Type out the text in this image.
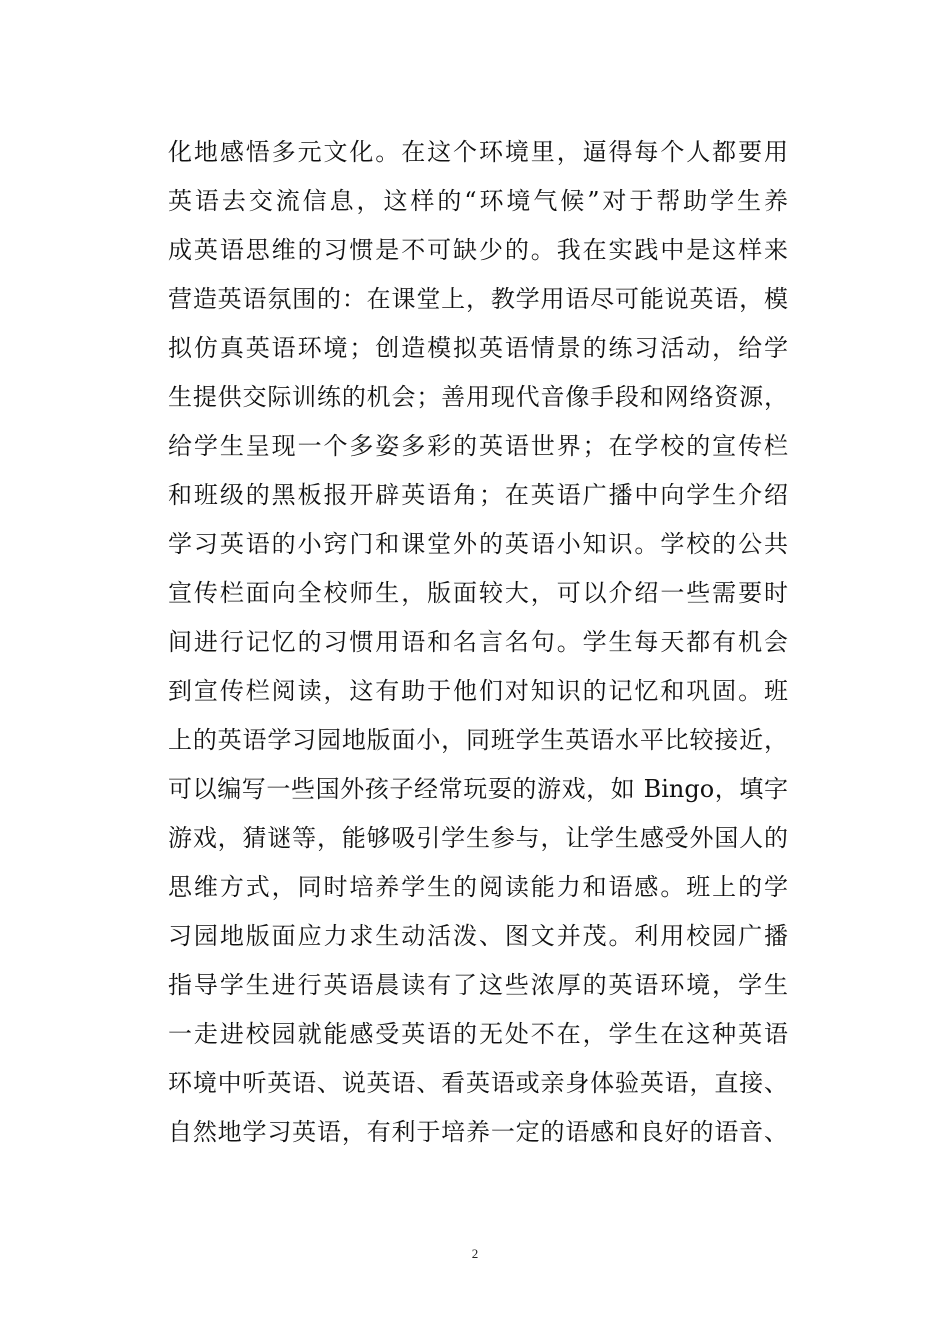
化地感悟多元文化。在这个环境里，逼得每个人都要用
英语去交流信息，这样的“环境气候”对于帮助学生养
成英语思维的习惯是不可缺少的。我在实践中是这样来
营造英语氛围的：在课堂上，教学用语尽可能说英语，模
拟仿真英语环境；创造模拟英语情景的练习活动，给学
生提供交际训练的机会；善用现代音像手段和网络资源，
给学生呈现一个多姿多彩的英语世界；在学校的宣传栏
和班级的黑板报开辟英语角；在英语广播中向学生介绍
学习英语的小窍门和课堂外的英语小知识。学校的公共
宣传栏面向全校师生，版面较大，可以介绍一些需要时
间进行记忆的习惯用语和名言名句。学生每天都有机会
到宣传栏阅读，这有助于他们对知识的记忆和巩固。班
上的英语学习园地版面小，同班学生英语水平比较接近，
可以编写一些国外孩子经常玩耍的游戏，如 Bingo，填字
游戏，猜谜等，能够吸引学生参与，让学生感受外国人的
思维方式，同时培养学生的阅读能力和语感。班上的学
习园地版面应力求生动活泼、图文并茂。利用校园广播
指导学生进行英语晨读有了这些浓厚的英语环境，学生
一走进校园就能感受英语的无处不在，学生在这种英语
环境中听英语、说英语、看英语或亲身体验英语，直接、
自然地学习英语，有利于培养一定的语感和良好的语音、
2
